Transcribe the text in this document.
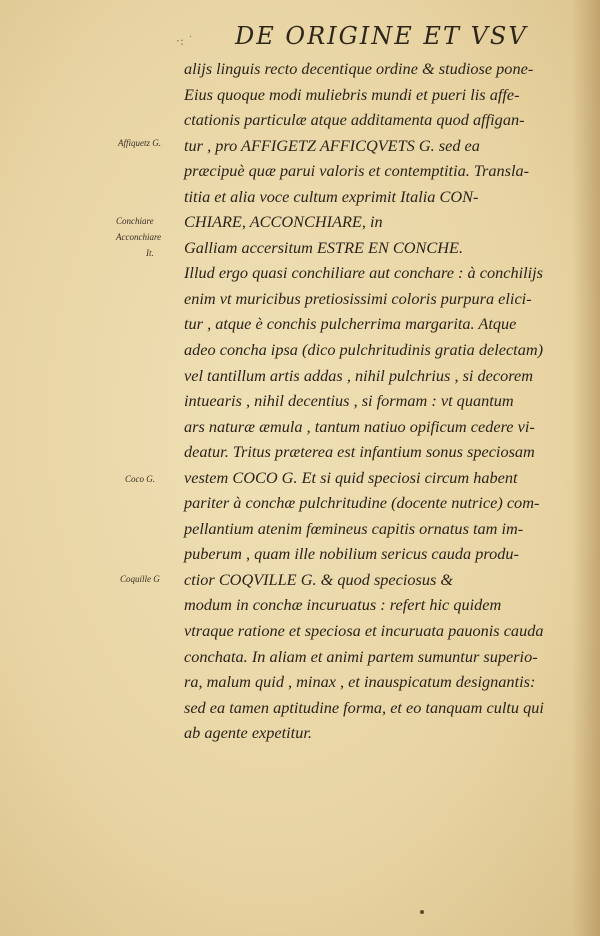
·: ˙ DE ORIGINE ET VSV
Affiquetz G.
Conchiare
Acconchiare
It.
Coco G.
Coquille G
alijs linguis recto decentique ordine & studiose pone-
Eius quoque modi muliebris mundi et pueri lis affe-
ctationis particulæ atque additamenta quod affigan-
tur , pro AFFIGETZ AFFICQVETS G. sed ea
præcipuè quæ parui valoris et contemptitia. Transla-
titia et alia voce cultum exprimit Italia CON-
CHIARE, ACCONCHIARE, in
Galliam accersitum ESTRE EN CONCHE.
Illud ergo quasi conchiliare aut conchare : à conchilijs
enim vt muricibus pretiosissimi coloris purpura elici-
tur , atque è conchis pulcherrima margarita. Atque
adeo concha ipsa (dico pulchritudinis gratia delectam)
vel tantillum artis addas , nihil pulchrius , si decorem
intuearis , nihil decentius , si formam : vt quantum
ars naturæ æmula , tantum natiuo opificum cedere vi-
deatur. Tritus præterea est infantium sonus speciosam
vestem COCO G. Et si quid speciosi circum habent
pariter à conchæ pulchritudine (docente nutrice) com-
pellantium atenim fœmineus capitis ornatus tam im-
puberum , quam ille nobilium sericus cauda produ-
ctior COQVILLE G. & quod speciosus &
modum in conchæ incuruatus : refert hic quidem
vtraque ratione et speciosa et incuruata pauonis cauda
conchata. In aliam et animi partem sumuntur superio-
ra, malum quid , minax , et inauspicatum designantis:
sed ea tamen aptitudine forma, et eo tanquam cultu qui
ab agente expetitur.
